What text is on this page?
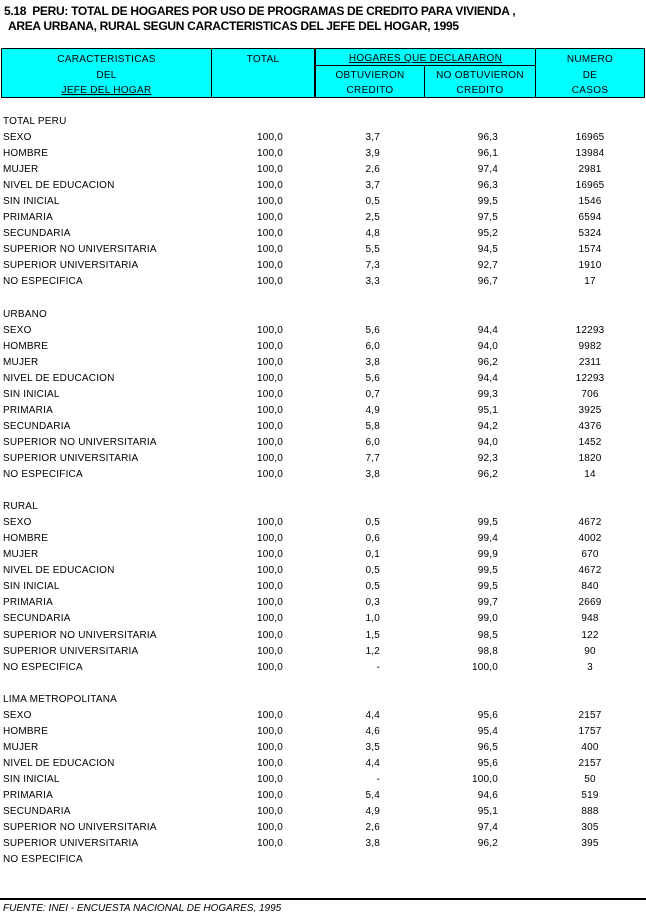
5.18  PERU: TOTAL DE HOGARES POR USO DE PROGRAMAS DE CREDITO PARA VIVIENDA ,
AREA URBANA, RURAL SEGUN CARACTERISTICAS DEL JEFE DEL HOGAR, 1995
CARACTERISTICAS
DEL
JEFE DEL HOGAR
TOTAL	HOGARES QUE DECLARARON
OBTUVIERON
CREDITO
NO OBTUVIERON
CREDITO
NUMERO
DE
CASOS
TOTAL PERU
SEXO	100,0	3,7	96,3	16965
HOMBRE	100,0	3,9	96,1	13984
MUJER	100,0	2,6	97,4	2981
NIVEL DE EDUCACION	100,0	3,7	96,3	16965
SIN INICIAL	100,0	0,5	99,5	1546
PRIMARIA	100,0	2,5	97,5	6594
SECUNDARIA	100,0	4,8	95,2	5324
SUPERIOR NO UNIVERSITARIA	100,0	5,5	94,5	1574
SUPERIOR UNIVERSITARIA	100,0	7,3	92,7	1910
NO ESPECIFICA	100,0	3,3	96,7	17
URBANO
SEXO	100,0	5,6	94,4	12293
HOMBRE	100,0	6,0	94,0	9982
MUJER	100,0	3,8	96,2	2311
NIVEL DE EDUCACION	100,0	5,6	94,4	12293
SIN INICIAL	100,0	0,7	99,3	706
PRIMARIA	100,0	4,9	95,1	3925
SECUNDARIA	100,0	5,8	94,2	4376
SUPERIOR NO UNIVERSITARIA	100,0	6,0	94,0	1452
SUPERIOR UNIVERSITARIA	100,0	7,7	92,3	1820
NO ESPECIFICA	100,0	3,8	96,2	14
RURAL
SEXO	100,0	0,5	99,5	4672
HOMBRE	100,0	0,6	99,4	4002
MUJER	100,0	0,1	99,9	670
NIVEL DE EDUCACION	100,0	0,5	99,5	4672
SIN INICIAL	100,0	0,5	99,5	840
PRIMARIA	100,0	0,3	99,7	2669
SECUNDARIA	100,0	1,0	99,0	948
SUPERIOR NO UNIVERSITARIA	100,0	1,5	98,5	122
SUPERIOR UNIVERSITARIA	100,0	1,2	98,8	90
NO ESPECIFICA	100,0	-	100,0	3
LIMA METROPOLITANA
SEXO	100,0	4,4	95,6	2157
HOMBRE	100,0	4,6	95,4	1757
MUJER	100,0	3,5	96,5	400
NIVEL DE EDUCACION	100,0	4,4	95,6	2157
SIN INICIAL	100,0	-	100,0	50
PRIMARIA	100,0	5,4	94,6	519
SECUNDARIA	100,0	4,9	95,1	888
SUPERIOR NO UNIVERSITARIA	100,0	2,6	97,4	305
SUPERIOR UNIVERSITARIA	100,0	3,8	96,2	395
NO ESPECIFICA
FUENTE: INEI - ENCUESTA NACIONAL DE HOGARES, 1995
